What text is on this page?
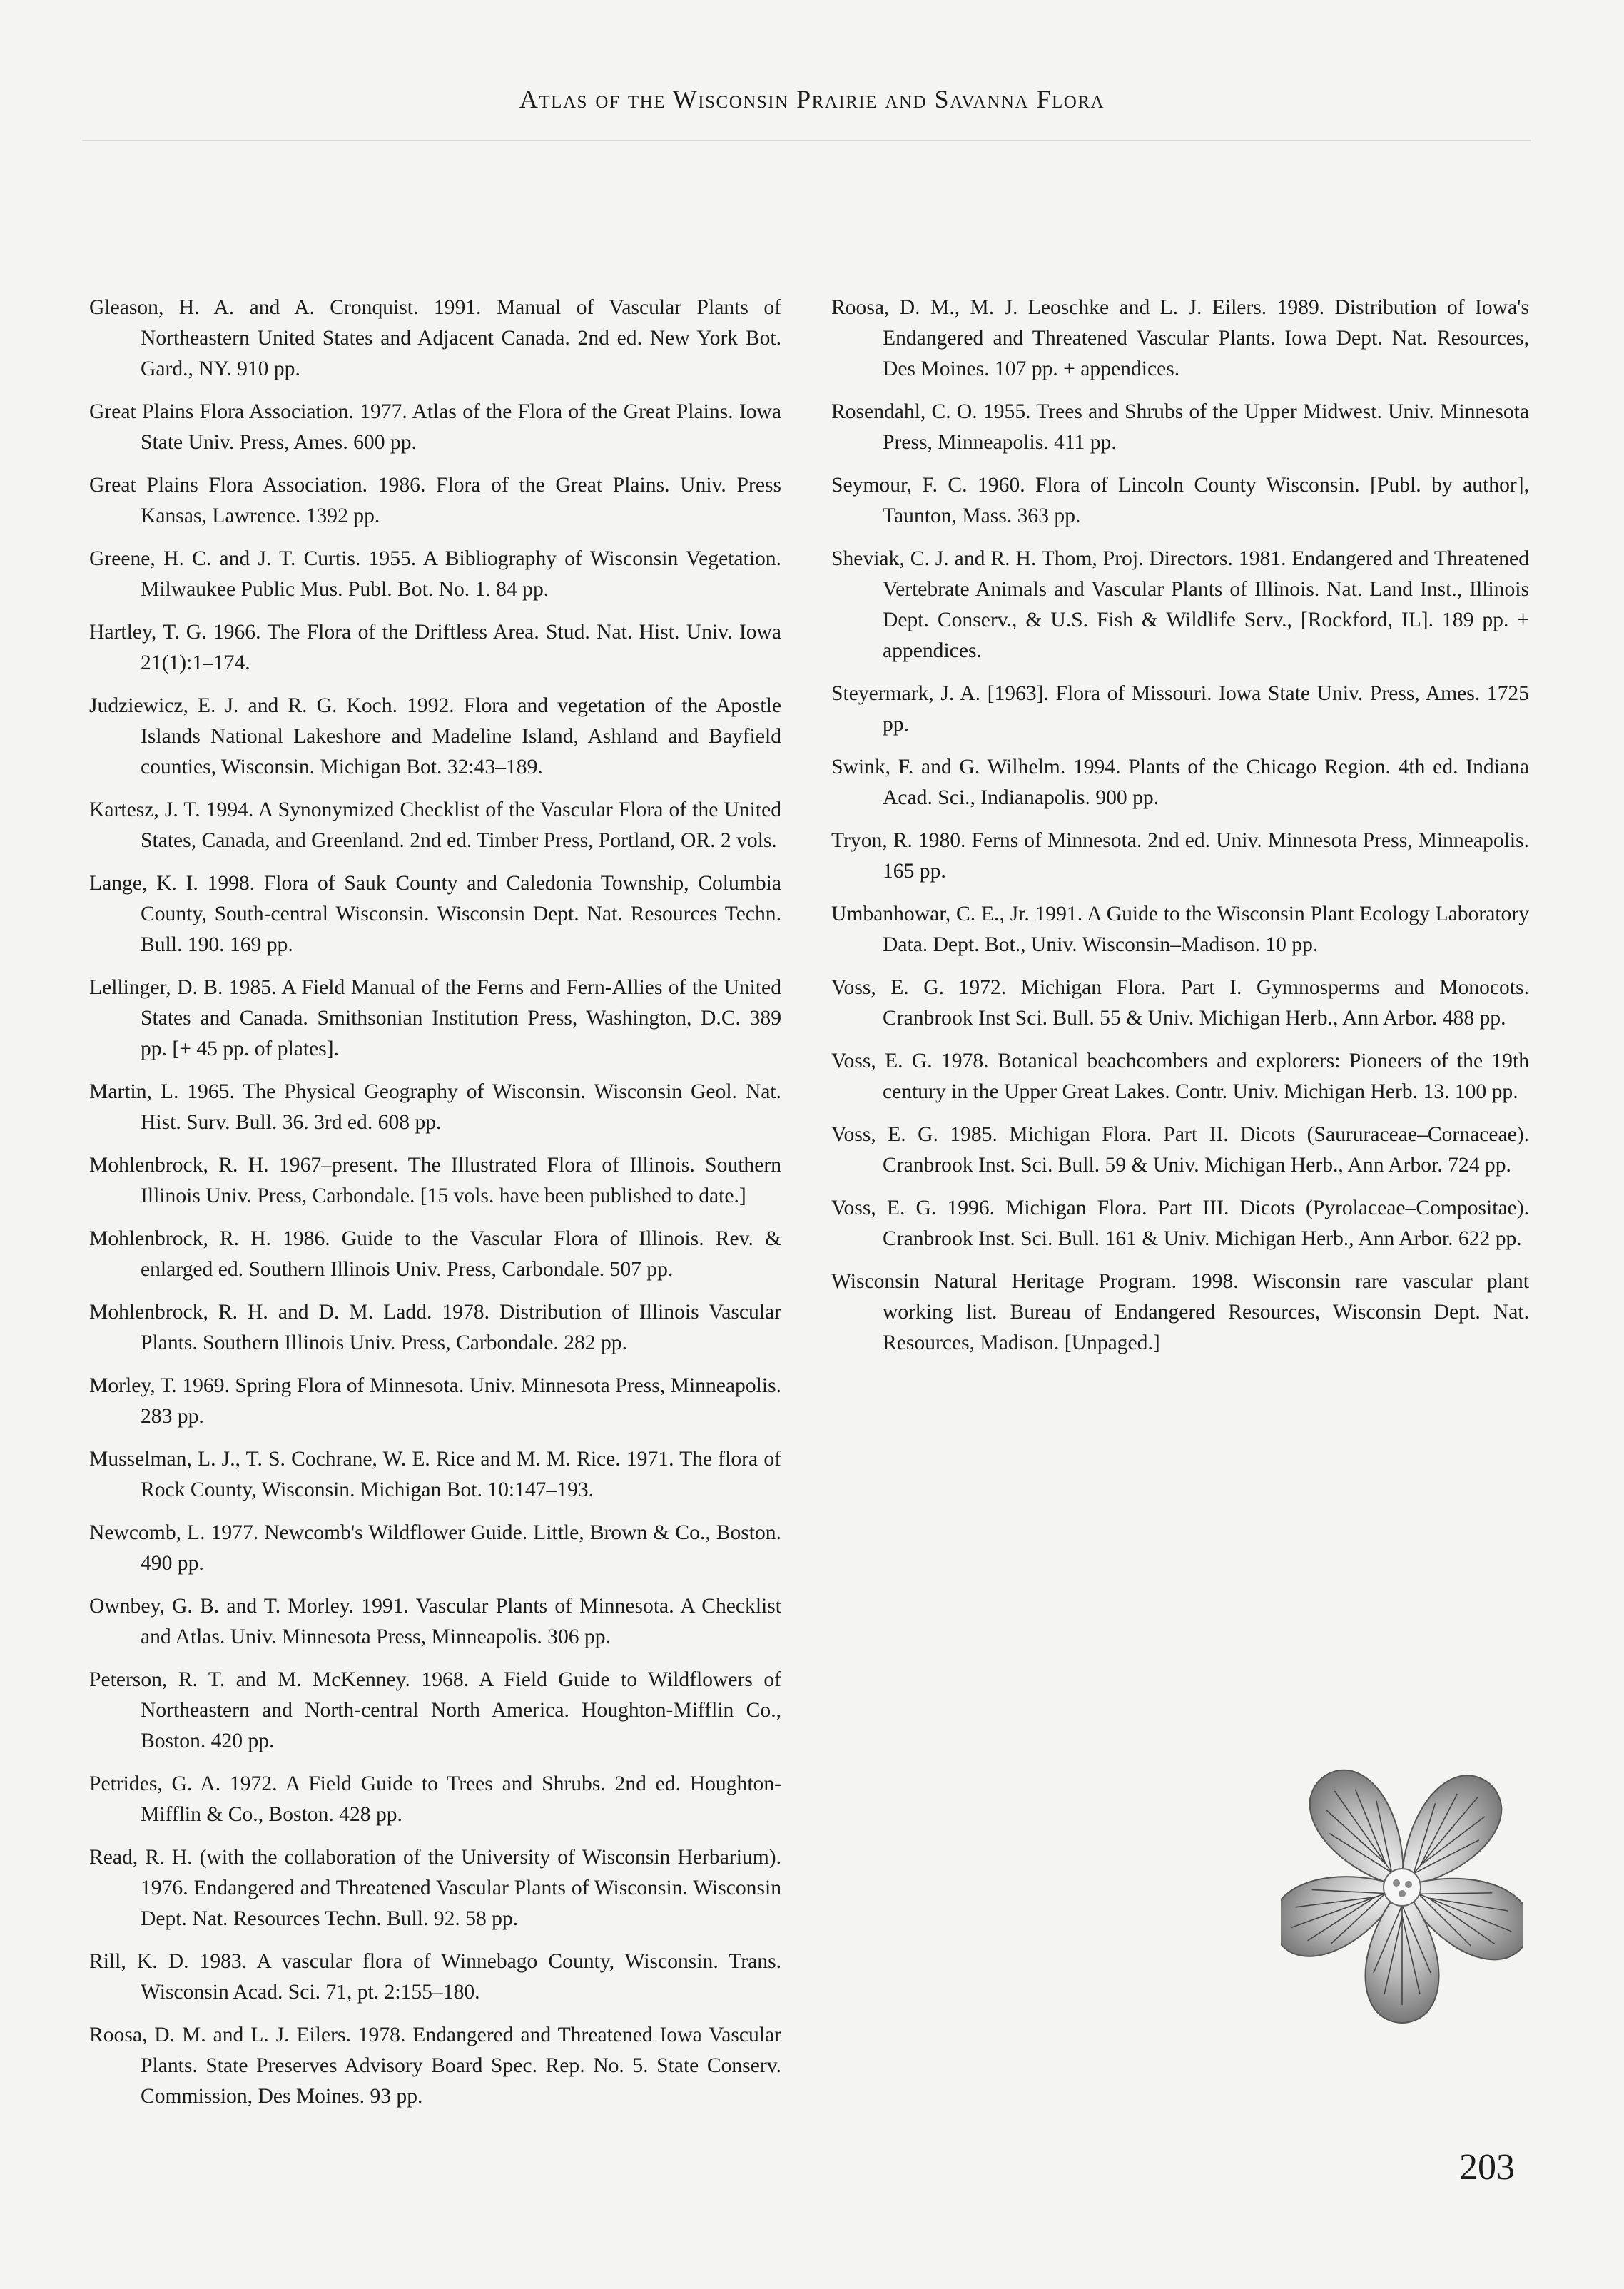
Atlas of the Wisconsin Prairie and Savanna Flora

Gleason, H. A. and A. Cronquist. 1991. Manual of Vascular Plants of Northeastern United States and Adjacent Canada. 2nd ed. New York Bot. Gard., NY. 910 pp.

Great Plains Flora Association. 1977. Atlas of the Flora of the Great Plains. Iowa State Univ. Press, Ames. 600 pp.

Great Plains Flora Association. 1986. Flora of the Great Plains. Univ. Press Kansas, Lawrence. 1392 pp.

Greene, H. C. and J. T. Curtis. 1955. A Bibliography of Wisconsin Vegetation. Milwaukee Public Mus. Publ. Bot. No. 1. 84 pp.

Hartley, T. G. 1966. The Flora of the Driftless Area. Stud. Nat. Hist. Univ. Iowa 21(1):1–174.

Judziewicz, E. J. and R. G. Koch. 1992. Flora and vegetation of the Apostle Islands National Lakeshore and Madeline Island, Ashland and Bayfield counties, Wisconsin. Michigan Bot. 32:43–189.

Kartesz, J. T. 1994. A Synonymized Checklist of the Vascular Flora of the United States, Canada, and Greenland. 2nd ed. Timber Press, Portland, OR. 2 vols.

Lange, K. I. 1998. Flora of Sauk County and Caledonia Township, Columbia County, South-central Wisconsin. Wisconsin Dept. Nat. Resources Techn. Bull. 190. 169 pp.

Lellinger, D. B. 1985. A Field Manual of the Ferns and Fern-Allies of the United States and Canada. Smithsonian Institution Press, Washington, D.C. 389 pp. [+ 45 pp. of plates].

Martin, L. 1965. The Physical Geography of Wisconsin. Wisconsin Geol. Nat. Hist. Surv. Bull. 36. 3rd ed. 608 pp.

Mohlenbrock, R. H. 1967–present. The Illustrated Flora of Illinois. Southern Illinois Univ. Press, Carbondale. [15 vols. have been published to date.]

Mohlenbrock, R. H. 1986. Guide to the Vascular Flora of Illinois. Rev. & enlarged ed. Southern Illinois Univ. Press, Carbondale. 507 pp.

Mohlenbrock, R. H. and D. M. Ladd. 1978. Distribution of Illinois Vascular Plants. Southern Illinois Univ. Press, Carbondale. 282 pp.

Morley, T. 1969. Spring Flora of Minnesota. Univ. Minnesota Press, Minneapolis. 283 pp.

Musselman, L. J., T. S. Cochrane, W. E. Rice and M. M. Rice. 1971. The flora of Rock County, Wisconsin. Michigan Bot. 10:147–193.

Newcomb, L. 1977. Newcomb's Wildflower Guide. Little, Brown & Co., Boston. 490 pp.

Ownbey, G. B. and T. Morley. 1991. Vascular Plants of Minnesota. A Checklist and Atlas. Univ. Minnesota Press, Minneapolis. 306 pp.

Peterson, R. T. and M. McKenney. 1968. A Field Guide to Wildflowers of Northeastern and North-central North America. Houghton-Mifflin Co., Boston. 420 pp.

Petrides, G. A. 1972. A Field Guide to Trees and Shrubs. 2nd ed. Houghton-Mifflin & Co., Boston. 428 pp.

Read, R. H. (with the collaboration of the University of Wisconsin Herbarium). 1976. Endangered and Threatened Vascular Plants of Wisconsin. Wisconsin Dept. Nat. Resources Techn. Bull. 92. 58 pp.

Rill, K. D. 1983. A vascular flora of Winnebago County, Wisconsin. Trans. Wisconsin Acad. Sci. 71, pt. 2:155–180.

Roosa, D. M. and L. J. Eilers. 1978. Endangered and Threatened Iowa Vascular Plants. State Preserves Advisory Board Spec. Rep. No. 5. State Conserv. Commission, Des Moines. 93 pp.

Roosa, D. M., M. J. Leoschke and L. J. Eilers. 1989. Distribution of Iowa's Endangered and Threatened Vascular Plants. Iowa Dept. Nat. Resources, Des Moines. 107 pp. + appendices.

Rosendahl, C. O. 1955. Trees and Shrubs of the Upper Midwest. Univ. Minnesota Press, Minneapolis. 411 pp.

Seymour, F. C. 1960. Flora of Lincoln County Wisconsin. [Publ. by author], Taunton, Mass. 363 pp.

Sheviak, C. J. and R. H. Thom, Proj. Directors. 1981. Endangered and Threatened Vertebrate Animals and Vascular Plants of Illinois. Nat. Land Inst., Illinois Dept. Conserv., & U.S. Fish & Wildlife Serv., [Rockford, IL]. 189 pp. + appendices.

Steyermark, J. A. [1963]. Flora of Missouri. Iowa State Univ. Press, Ames. 1725 pp.

Swink, F. and G. Wilhelm. 1994. Plants of the Chicago Region. 4th ed. Indiana Acad. Sci., Indianapolis. 900 pp.

Tryon, R. 1980. Ferns of Minnesota. 2nd ed. Univ. Minnesota Press, Minneapolis. 165 pp.

Umbanhowar, C. E., Jr. 1991. A Guide to the Wisconsin Plant Ecology Laboratory Data. Dept. Bot., Univ. Wisconsin–Madison. 10 pp.

Voss, E. G. 1972. Michigan Flora. Part I. Gymnosperms and Monocots. Cranbrook Inst Sci. Bull. 55 & Univ. Michigan Herb., Ann Arbor. 488 pp.

Voss, E. G. 1978. Botanical beachcombers and explorers: Pioneers of the 19th century in the Upper Great Lakes. Contr. Univ. Michigan Herb. 13. 100 pp.

Voss, E. G. 1985. Michigan Flora. Part II. Dicots (Saururaceae–Cornaceae). Cranbrook Inst. Sci. Bull. 59 & Univ. Michigan Herb., Ann Arbor. 724 pp.

Voss, E. G. 1996. Michigan Flora. Part III. Dicots (Pyrolaceae–Compositae). Cranbrook Inst. Sci. Bull. 161 & Univ. Michigan Herb., Ann Arbor. 622 pp.

Wisconsin Natural Heritage Program. 1998. Wisconsin rare vascular plant working list. Bureau of Endangered Resources, Wisconsin Dept. Nat. Resources, Madison. [Unpaged.]

203
